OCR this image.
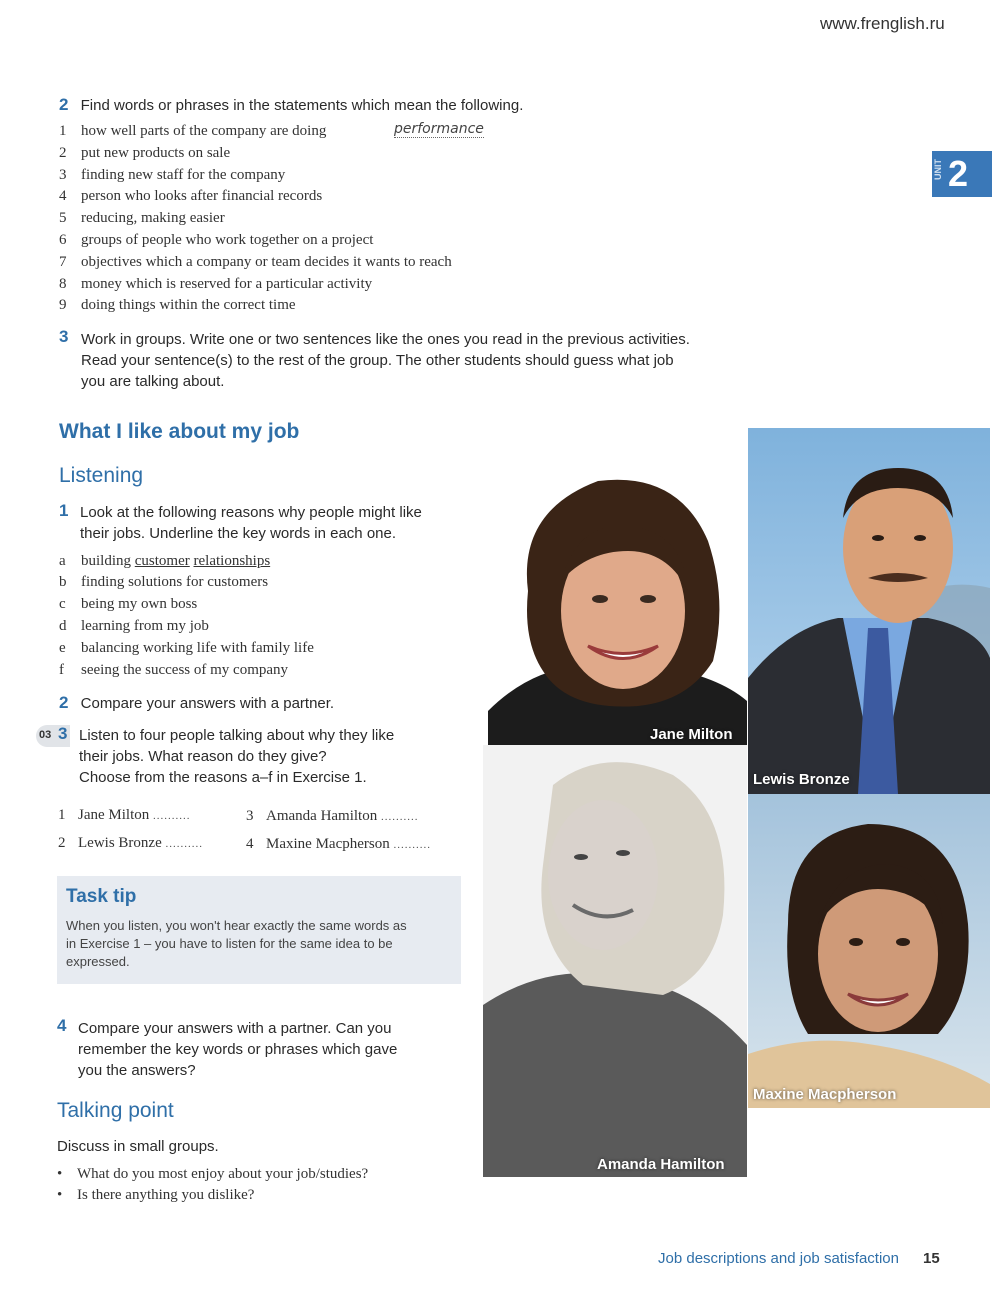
www.frenglish.ru
UNIT 2
2 Find words or phrases in the statements which mean the following.
1 how well parts of the company are doing	performance
2 put new products on sale
3 finding new staff for the company
4 person who looks after financial records
5 reducing, making easier
6 groups of people who work together on a project
7 objectives which a company or team decides it wants to reach
8 money which is reserved for a particular activity
9 doing things within the correct time
3 Work in groups. Write one or two sentences like the ones you read in the previous activities.
Read your sentence(s) to the rest of the group. The other students should guess what job
you are talking about.
What I like about my job
Listening
1 Look at the following reasons why people might like
their jobs. Underline the key words in each one.
a building customer relationships
b finding solutions for customers
c being my own boss
d learning from my job
e balancing working life with family life
f seeing the success of my company
2 Compare your answers with a partner.
03 3 Listen to four people talking about why they like
their jobs. What reason do they give?
Choose from the reasons a–f in Exercise 1.
1 Jane Milton ..........	3 Amanda Hamilton ..........
2 Lewis Bronze ..........	4 Maxine Macpherson ..........
Task tip
When you listen, you won't hear exactly the same words as
in Exercise 1 – you have to listen for the same idea to be
expressed.
4 Compare your answers with a partner. Can you
remember the key words or phrases which gave
you the answers?
Talking point
Discuss in small groups.
• What do you most enjoy about your job/studies?
• Is there anything you dislike?
Jane Milton
Lewis Bronze
Amanda Hamilton
Maxine Macpherson
Job descriptions and job satisfaction 15
